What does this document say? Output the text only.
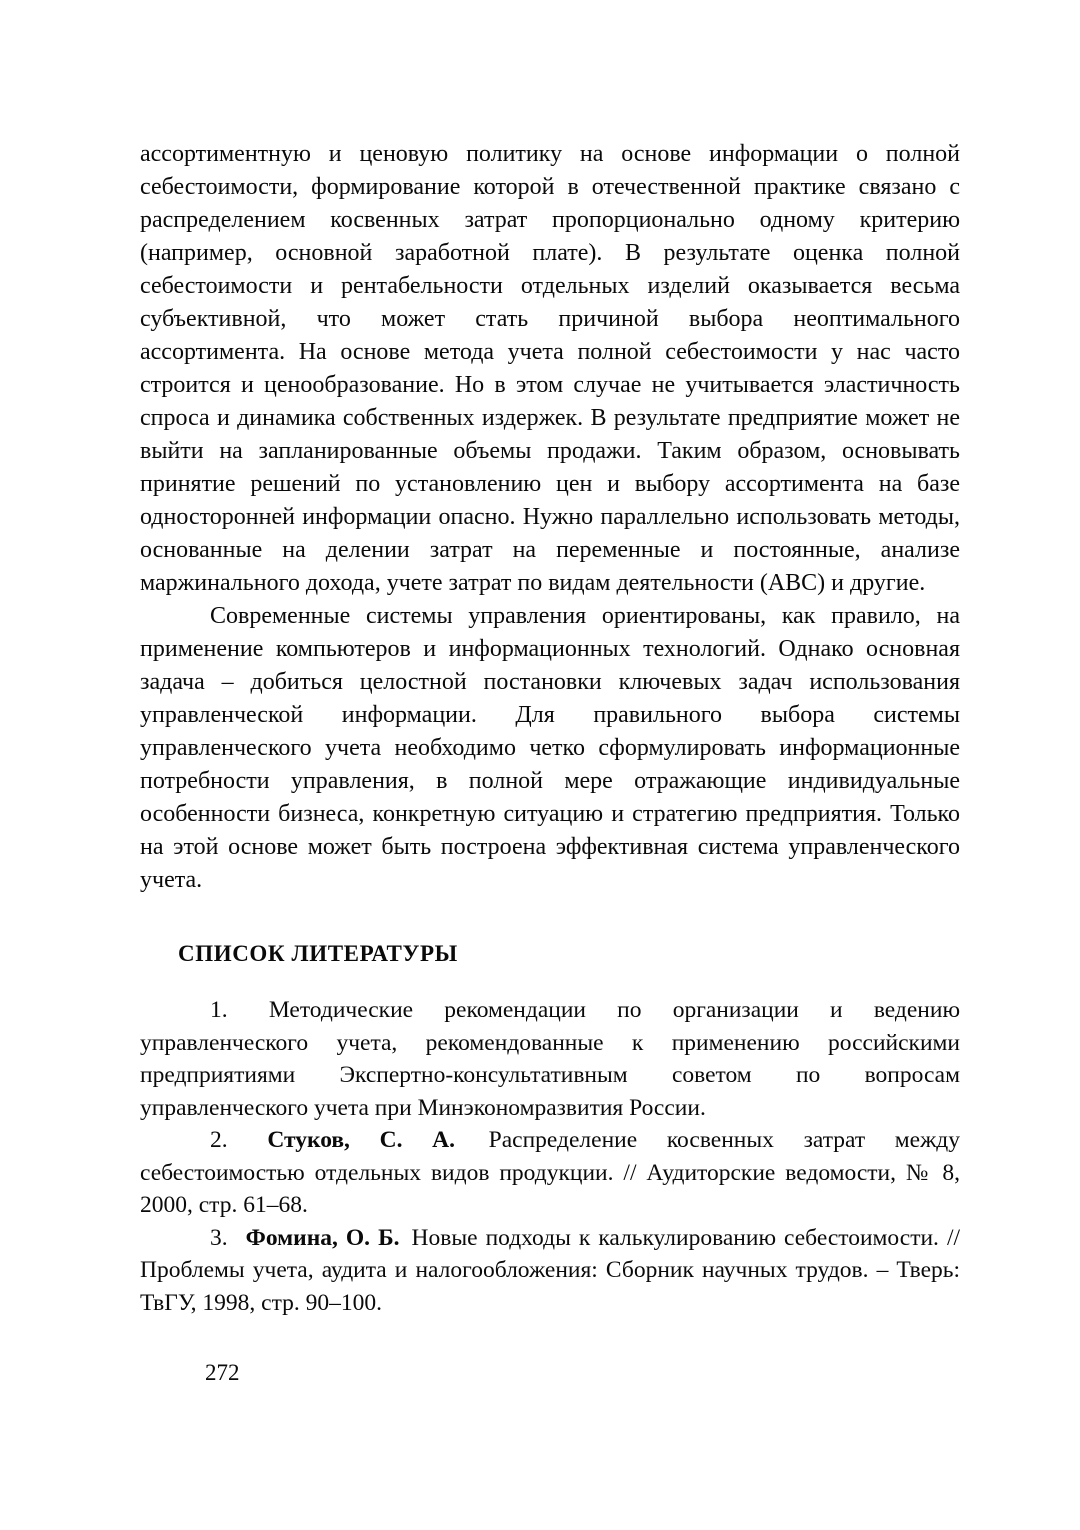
ассортиментную и ценовую политику на основе информации о полной себестоимости, формирование которой в отечественной практике связано с распределением косвенных затрат пропорционально одному критерию (например, основной заработной плате). В результате оценка полной себестоимости и рентабельности отдельных изделий оказывается весьма субъективной, что может стать причиной выбора неоптимального ассортимента. На основе метода учета полной себестоимости у нас часто строится и ценообразование. Но в этом случае не учитывается эластичность спроса и динамика собственных издержек. В результате предприятие может не выйти на запланированные объемы продажи. Таким образом, основывать принятие решений по установлению цен и выбору ассортимента на базе односторонней информации опасно. Нужно параллельно использовать методы, основанные на делении затрат на переменные и постоянные, анализе маржинального дохода, учете затрат по видам деятельности (АВС) и другие.

Современные системы управления ориентированы, как правило, на применение компьютеров и информационных технологий. Однако основная задача – добиться целостной постановки ключевых задач использования управленческой информации. Для правильного выбора системы управленческого учета необходимо четко сформулировать информационные потребности управления, в полной мере отражающие индивидуальные особенности бизнеса, конкретную ситуацию и стратегию предприятия. Только на этой основе может быть построена эффективная система управленческого учета.

СПИСОК ЛИТЕРАТУРЫ

1. Методические рекомендации по организации и ведению управленческого учета, рекомендованные к применению российскими предприятиями Экспертно-консультативным советом по вопросам управленческого учета при Минэкономразвития России.

2. Стуков, С. А. Распределение косвенных затрат между себестоимостью отдельных видов продукции. // Аудиторские ведомости, № 8, 2000, стр. 61–68.

3. Фомина, О. Б. Новые подходы к калькулированию себестоимости. // Проблемы учета, аудита и налогообложения: Сборник научных трудов. – Тверь: ТвГУ, 1998, стр. 90–100.

272
